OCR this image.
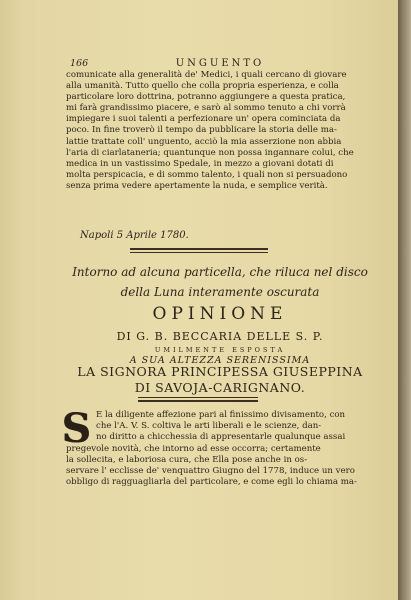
166	UNGUENTO
comunicate alla generalità de' Medici, i quali cercano di giovare
alla umanità. Tutto quello che colla propria esperienza, e colla
particolare loro dottrina, potranno aggiungere a questa pratica,
mi farà grandissimo piacere, e sarò al sommo tenuto a chi vorrà
impiegare i suoi talenti a perfezionare un' opera cominciata da
poco. In fine troverò il tempo da pubblicare la storia delle ma-
lattie trattate coll' unguento, acciò la mia asserzione non abbia
l'aria di ciarlataneria; quantunque non possa ingannare colui, che
medica in un vastissimo Spedale, in mezzo a giovani dotati di
molta perspicacia, e di sommo talento, i quali non si persuadono
senza prima vedere apertamente la nuda, e semplice verità.
Napoli 5 Aprile 1780.
Intorno ad alcuna particella, che riluca nel disco
della Luna interamente oscurata
OPINIONE
DI G. B. BECCARIA DELLE S. P.
UMILMENTE ESPOSTA
A SUA ALTEZZA SERENISSIMA
LA SIGNORA PRINCIPESSA GIUSEPPINA
DI SAVOJA-CARIGNANO.
S E la diligente affezione pari al finissimo divisamento, con
che l'A. V. S. coltiva le arti liberali e le scienze, dan-
no diritto a chicchessia di appresentarle qualunque assai
pregevole novità, che intorno ad esse occorra; certamente
la sollecita, e laboriosa cura, che Ella pose anche in os-
servare l' ecclisse de' venquattro Giugno del 1778, induce un vero
obbligo di ragguagliarla del particolare, e come egli lo chiama ma-
